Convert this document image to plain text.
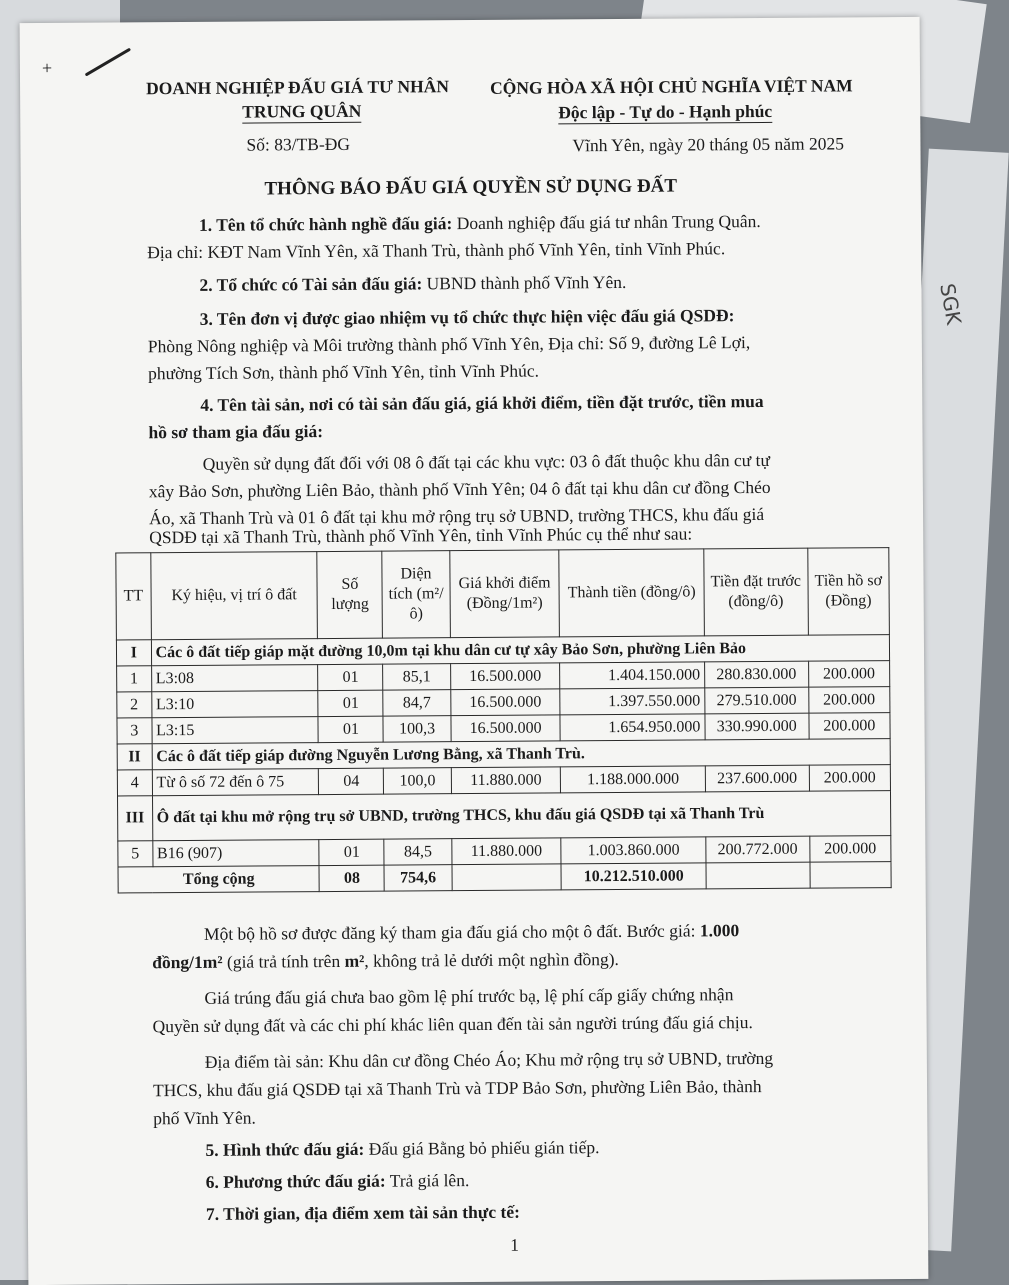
SGK
+
DOANH NGHIỆP ĐẤU GIÁ TƯ NHÂN
TRUNG QUÂN
Số: 83/TB-ĐG
CỘNG HÒA XÃ HỘI CHỦ NGHĨA VIỆT NAM
Độc lập - Tự do - Hạnh phúc
Vĩnh Yên, ngày 20 tháng 05 năm 2025
THÔNG BÁO ĐẤU GIÁ QUYỀN SỬ DỤNG ĐẤT
1. Tên tổ chức hành nghề đấu giá: Doanh nghiệp đấu giá tư nhân Trung Quân.
Địa chỉ: KĐT Nam Vĩnh Yên, xã Thanh Trù, thành phố Vĩnh Yên, tỉnh Vĩnh Phúc.
2. Tổ chức có Tài sản đấu giá: UBND thành phố Vĩnh Yên.
3. Tên đơn vị được giao nhiệm vụ tổ chức thực hiện việc đấu giá QSDĐ:
Phòng Nông nghiệp và Môi trường thành phố Vĩnh Yên, Địa chỉ: Số 9, đường Lê Lợi,
phường Tích Sơn, thành phố Vĩnh Yên, tỉnh Vĩnh Phúc.
4. Tên tài sản, nơi có tài sản đấu giá, giá khởi điểm, tiền đặt trước, tiền mua
hồ sơ tham gia đấu giá:
Quyền sử dụng đất đối với 08 ô đất tại các khu vực: 03 ô đất thuộc khu dân cư tự
xây Bảo Sơn, phường Liên Bảo, thành phố Vĩnh Yên; 04 ô đất tại khu dân cư đồng Chéo
Áo, xã Thanh Trù và 01 ô đất tại khu mở rộng trụ sở UBND, trường THCS, khu đấu giá
QSDĐ tại xã Thanh Trù, thành phố Vĩnh Yên, tỉnh Vĩnh Phúc cụ thể như sau:
TT	Ký hiệu, vị trí ô đất	Số lượng	Diện tích (m²/ô)	Giá khởi điểm (Đồng/1m²)	Thành tiền (đồng/ô)	Tiền đặt trước (đồng/ô)	Tiền hồ sơ (Đồng)
I	Các ô đất tiếp giáp mặt đường 10,0m tại khu dân cư tự xây Bảo Sơn, phường Liên Bảo						
1	L3:08	01	85,1	16.500.000	1.404.150.000	280.830.000	200.000
2	L3:10	01	84,7	16.500.000	1.397.550.000	279.510.000	200.000
3	L3:15	01	100,3	16.500.000	1.654.950.000	330.990.000	200.000
II	Các ô đất tiếp giáp đường Nguyễn Lương Bằng, xã Thanh Trù.						
4	Từ ô số 72 đến ô 75	04	100,0	11.880.000	1.188.000.000	237.600.000	200.000
III	Ô đất tại khu mở rộng trụ sở UBND, trường THCS, khu đấu giá QSDĐ tại xã Thanh Trù						
5	B16 (907)	01	84,5	11.880.000	1.003.860.000	200.772.000	200.000
Tổng cộng		08	754,6		10.212.510.000		
Một bộ hồ sơ được đăng ký tham gia đấu giá cho một ô đất. Bước giá: 1.000
đồng/1m² (giá trả tính trên m², không trả lẻ dưới một nghìn đồng).
Giá trúng đấu giá chưa bao gồm lệ phí trước bạ, lệ phí cấp giấy chứng nhận
Quyền sử dụng đất và các chi phí khác liên quan đến tài sản người trúng đấu giá chịu.
Địa điểm tài sản: Khu dân cư đồng Chéo Áo; Khu mở rộng trụ sở UBND, trường
THCS, khu đấu giá QSDĐ tại xã Thanh Trù và TDP Bảo Sơn, phường Liên Bảo, thành
phố Vĩnh Yên.
5. Hình thức đấu giá: Đấu giá Bằng bỏ phiếu gián tiếp.
6. Phương thức đấu giá: Trả giá lên.
7. Thời gian, địa điểm xem tài sản thực tế:
1
